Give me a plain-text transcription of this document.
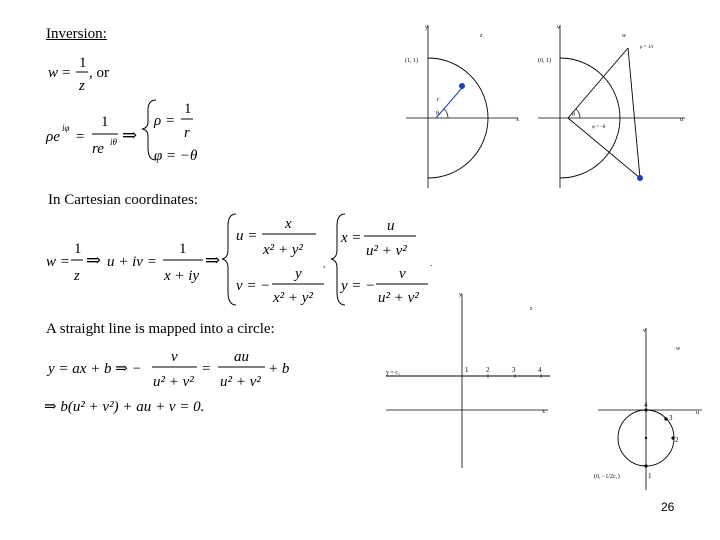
Inversion:
In Cartesian coordinates:
A straight line is mapped into a circle:
w =
1
z
, or
ρe
iφ
=
1
re iθ ⇒
ρ =
1
r
φ = −θ
w =
1
z
⇒ u + iv =
1
x + iy
⇒
u =
x
x² + y²
v = −
y
x² + y²
,
x =
u
u² + v²
y = −
v
u² + v²
.
y = ax + b ⇒ −
v
u² + v²
=
au
u² + v²
+ b
⇒ b(u² + v²) + au + v = 0.
y
x
z
(1, 1)
r
θ
v
u
w
(0, 1)
ρ = 1/r
θ
φ = −θ
y
x
z
y = c₁	1	2	3	4
v
u
w
(0, −1/2c₁)
4
3
2
1
26
